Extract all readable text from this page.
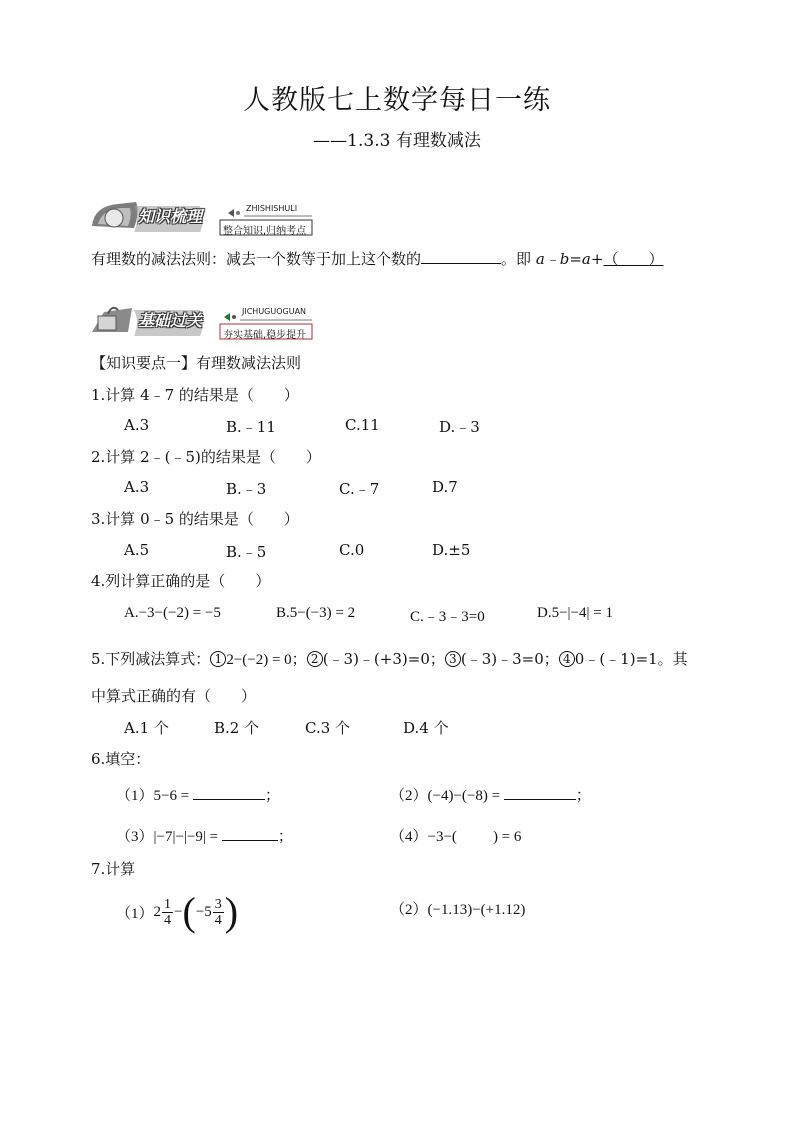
人教版七上数学每日一练
——1.3.3 有理数减法
知识梳理	ZHISHISHULI
整合知识,归纳考点
有理数的减法法则：减去一个数等于加上这个数的	。即 a﹣b=a+（   ）
基础过关	JICHUGUOGUAN
夯实基础,稳步提升
【知识要点一】有理数减法法则
1.计算 4﹣7 的结果是（　　）
A.3	B.﹣11	C.11	D.﹣3
2.计算 2﹣(﹣5)的结果是（　　）
A.3	B.﹣3	C.﹣7	D.7
3.计算 0﹣5 的结果是（　　）
A.5	B.﹣5	C.0	D.±5
4.列计算正确的是（　　）
A.−3−(−2) = −5	B.5−(−3) = 2	C.﹣3﹣3=0	D.5−|−4| = 1
5.下列减法算式： 1 2−(−2) = 0； 2 (﹣3)﹣(+3)=0； 3 (﹣3)﹣3=0； 4 0﹣(﹣1)=1。其
中算式正确的有（　　）
A.1 个	B.2 个	C.3 个	D.4 个
6.填空：
（1）5−6 =	；	（2）(−4)−(−8) =	；
（3）|−7|−|−9| =	；	（4）−3−( ) = 6
7.计算
$(1)2 \frac{1}{4} -(-5 \frac{3}{4}$ )	（2）(−1.13)−(+1.12)
